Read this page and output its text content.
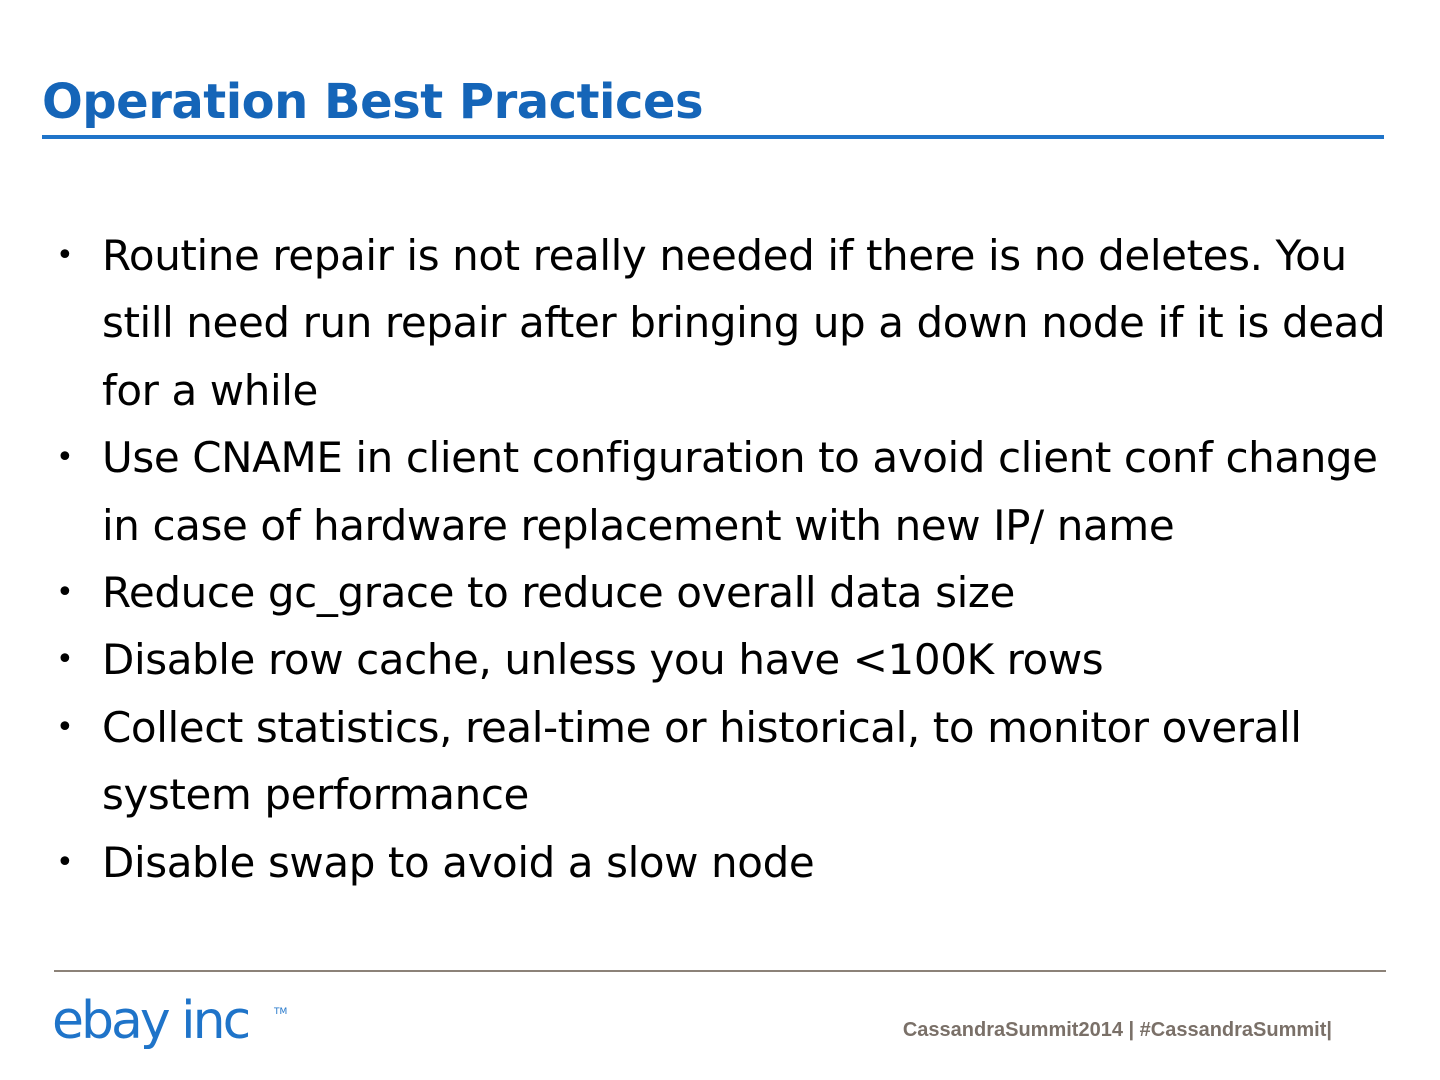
Operation Best Practices
• Routine repair is not really needed if there is no deletes. You still need run repair after bringing up a down node if it is dead for a while
• Use CNAME in client configuration to avoid client conf change in case of hardware replacement with new IP/ name
• Reduce gc_grace to reduce overall data size
• Disable row cache, unless you have <100K rows
• Collect statistics, real-time or historical, to monitor overall system performance
• Disable swap to avoid a slow node
ebay inc	TM
CassandraSummit2014 | #CassandraSummit|
